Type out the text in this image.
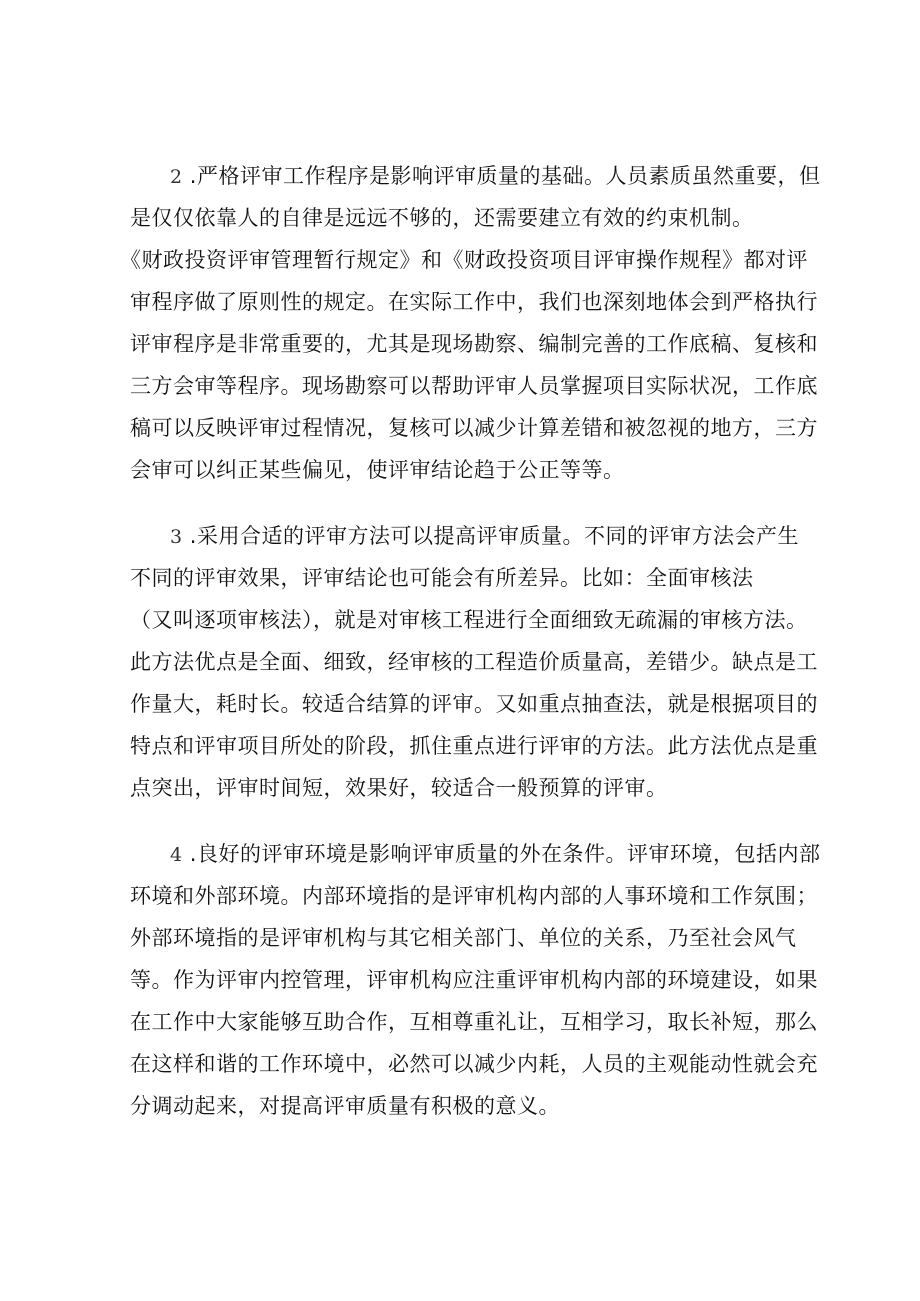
2 .严格评审工作程序是影响评审质量的基础。人员素质虽然重要，但
是仅仅依靠人的自律是远远不够的，还需要建立有效的约束机制。
《财政投资评审管理暂行规定》和《财政投资项目评审操作规程》都对评
审程序做了原则性的规定。在实际工作中，我们也深刻地体会到严格执行
评审程序是非常重要的，尤其是现场勘察、编制完善的工作底稿、复核和
三方会审等程序。现场勘察可以帮助评审人员掌握项目实际状况，工作底
稿可以反映评审过程情况，复核可以减少计算差错和被忽视的地方，三方
会审可以纠正某些偏见，使评审结论趋于公正等等。
3 .采用合适的评审方法可以提高评审质量。不同的评审方法会产生
不同的评审效果，评审结论也可能会有所差异。比如：全面审核法
（又叫逐项审核法），就是对审核工程进行全面细致无疏漏的审核方法。
此方法优点是全面、细致，经审核的工程造价质量高，差错少。缺点是工
作量大，耗时长。较适合结算的评审。又如重点抽查法，就是根据项目的
特点和评审项目所处的阶段，抓住重点进行评审的方法。此方法优点是重
点突出，评审时间短，效果好，较适合一般预算的评审。
4 .良好的评审环境是影响评审质量的外在条件。评审环境，包括内部
环境和外部环境。内部环境指的是评审机构内部的人事环境和工作氛围；
外部环境指的是评审机构与其它相关部门、单位的关系，乃至社会风气
等。作为评审内控管理，评审机构应注重评审机构内部的环境建设，如果
在工作中大家能够互助合作，互相尊重礼让，互相学习，取长补短，那么
在这样和谐的工作环境中，必然可以减少内耗，人员的主观能动性就会充
分调动起来，对提高评审质量有积极的意义。
